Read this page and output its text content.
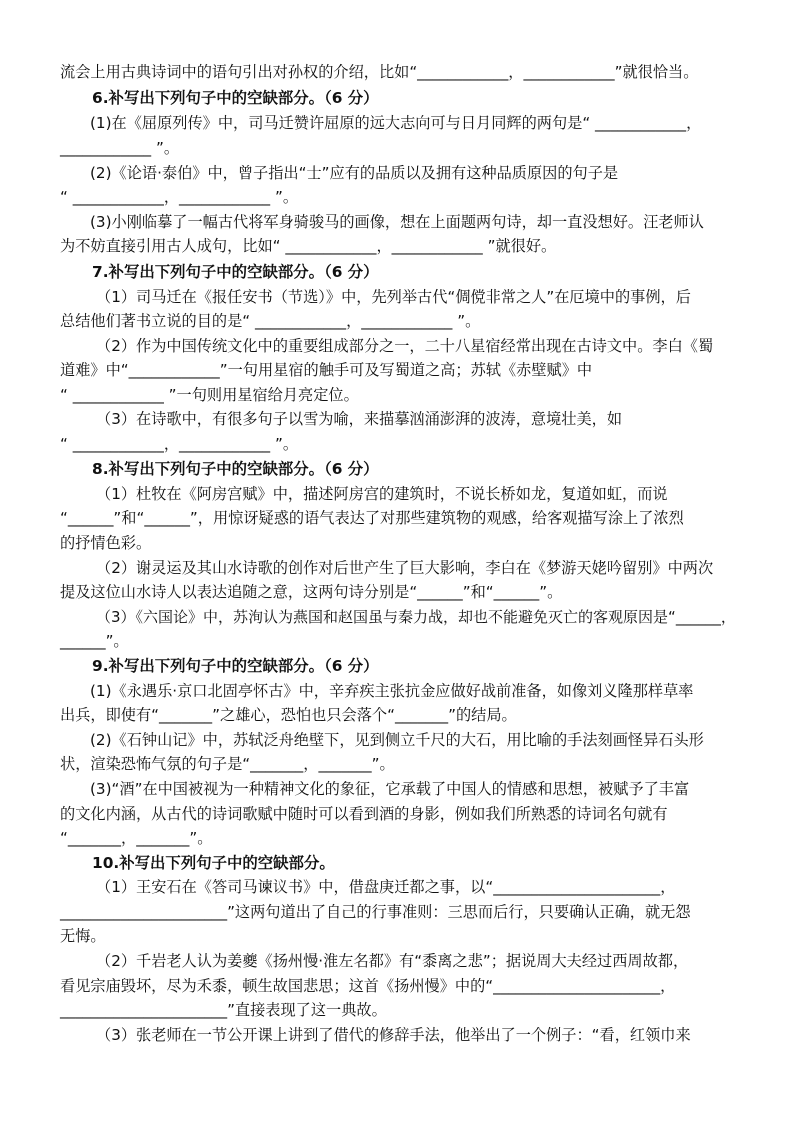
流会上用古典诗词中的语句引出对孙权的介绍，比如“____________，____________”就很恰当。
6.补写出下列句子中的空缺部分。（6 分）
(1)在《屈原列传》中，司马迁赞许屈原的远大志向可与日月同辉的两句是“ ____________，
____________ ”。
(2)《论语·泰伯》中，曾子指出“士”应有的品质以及拥有这种品质原因的句子是
“ ____________，____________ ”。
(3)小刚临摹了一幅古代将军身骑骏马的画像，想在上面题两句诗，却一直没想好。汪老师认
为不妨直接引用古人成句，比如“ ____________，____________ ”就很好。
7.补写出下列句子中的空缺部分。（6 分）
（1）司马迁在《报任安书（节选）》中，先列举古代“倜傥非常之人”在厄境中的事例，后
总结他们著书立说的目的是“ ____________，____________ ”。
（2）作为中国传统文化中的重要组成部分之一，二十八星宿经常出现在古诗文中。李白《蜀
道难》中“____________”一句用星宿的触手可及写蜀道之高；苏轼《赤壁赋》中
“ ____________ ”一句则用星宿给月亮定位。
（3）在诗歌中，有很多句子以雪为喻，来描摹汹涌澎湃的波涛，意境壮美，如
“ ____________，____________ ”。
8.补写出下列句子中的空缺部分。（6 分）
（1）杜牧在《阿房宫赋》中，描述阿房宫的建筑时，不说长桥如龙，复道如虹，而说
“______”和“______”，用惊讶疑惑的语气表达了对那些建筑物的观感，给客观描写涂上了浓烈
的抒情色彩。
（2）谢灵运及其山水诗歌的创作对后世产生了巨大影响，李白在《梦游天姥吟留别》中两次
提及这位山水诗人以表达追随之意，这两句诗分别是“______”和“______”。
（3）《六国论》中，苏洵认为燕国和赵国虽与秦力战，却也不能避免灭亡的客观原因是“______，
______”。
9.补写出下列句子中的空缺部分。（6 分）
(1)《永遇乐·京口北固亭怀古》中，辛弃疾主张抗金应做好战前准备，如像刘义隆那样草率
出兵，即使有“_______”之雄心，恐怕也只会落个“_______”的结局。
(2)《石钟山记》中，苏轼泛舟绝壁下，见到侧立千尺的大石，用比喻的手法刻画怪异石头形
状，渲染恐怖气氛的句子是“_______，_______”。
(3)“酒”在中国被视为一种精神文化的象征，它承载了中国人的情感和思想，被赋予了丰富
的文化内涵，从古代的诗词歌赋中随时可以看到酒的身影，例如我们所熟悉的诗词名句就有
“_______，_______”。
10.补写出下列句子中的空缺部分。
（1）王安石在《答司马谏议书》中，借盘庚迁都之事，以“______________________，
______________________”这两句道出了自己的行事准则：三思而后行，只要确认正确，就无怨
无悔。
（2）千岩老人认为姜夔《扬州慢·淮左名都》有“黍离之悲”；据说周大夫经过西周故都，
看见宗庙毁坏，尽为禾黍，顿生故国悲思；这首《扬州慢》中的“______________________，
______________________”直接表现了这一典故。
（3）张老师在一节公开课上讲到了借代的修辞手法，他举出了一个例子：“看，红领巾来
